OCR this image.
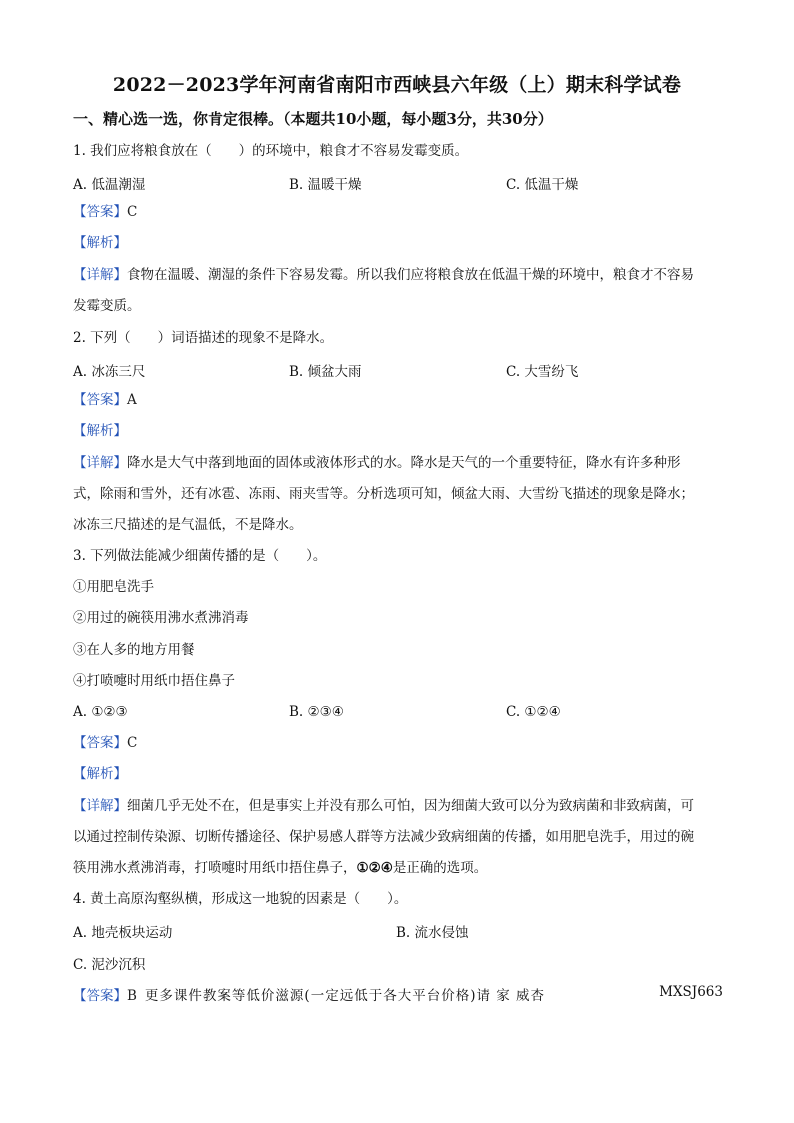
2022－2023学年河南省南阳市西峡县六年级（上）期末科学试卷
一、精心选一选，你肯定很棒。（本题共10小题，每小题3分，共30分）
1. 我们应将粮食放在（　　）的环境中，粮食才不容易发霉变质。
A. 低温潮湿	B. 温暖干燥	C. 低温干燥
【答案】C
【解析】
【详解】食物在温暖、潮湿的条件下容易发霉。所以我们应将粮食放在低温干燥的环境中，粮食才不容易
发霉变质。
2. 下列（　　）词语描述的现象不是降水。
A. 冰冻三尺	B. 倾盆大雨	C. 大雪纷飞
【答案】A
【解析】
【详解】降水是大气中落到地面的固体或液体形式的水。降水是天气的一个重要特征，降水有许多种形
式，除雨和雪外，还有冰雹、冻雨、雨夹雪等。分析选项可知，倾盆大雨、大雪纷飞描述的现象是降水；
冰冻三尺描述的是气温低，不是降水。
3. 下列做法能减少细菌传播的是（　　）。
①用肥皂洗手
②用过的碗筷用沸水煮沸消毒
③在人多的地方用餐
④打喷嚏时用纸巾捂住鼻子
A. ①②③	B. ②③④	C. ①②④
【答案】C
【解析】
【详解】细菌几乎无处不在，但是事实上并没有那么可怕，因为细菌大致可以分为致病菌和非致病菌，可
以通过控制传染源、切断传播途径、保护易感人群等方法减少致病细菌的传播，如用肥皂洗手，用过的碗
筷用沸水煮沸消毒，打喷嚏时用纸巾捂住鼻子，①②④是正确的选项。
4. 黄土高原沟壑纵横，形成这一地貌的因素是（　　）。
A. 地壳板块运动	B. 流水侵蚀
C. 泥沙沉积
【答案】B 更多课件教案等低价滋源(一定远低于各大平台价格)请 家 威杏	MXSJ663
